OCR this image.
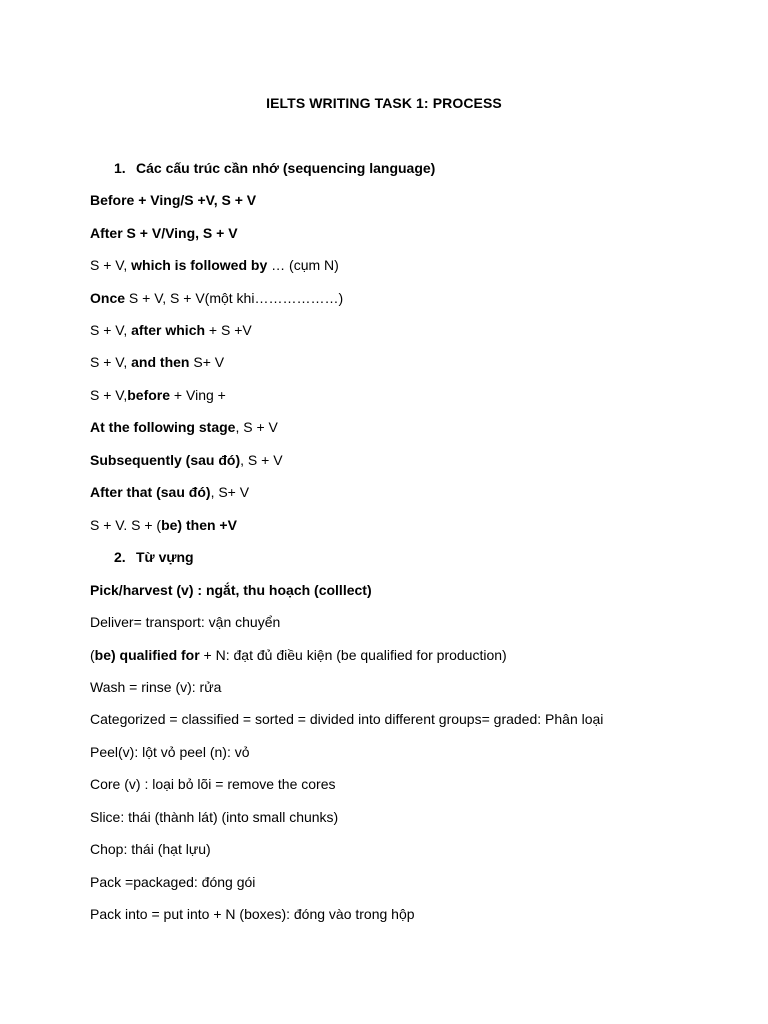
IELTS WRITING TASK 1: PROCESS
1. Các cấu trúc cần nhớ (sequencing language)
Before + Ving/S +V, S + V
After S + V/Ving, S + V
S + V, which is followed by … (cụm N)
Once S + V, S + V(một khi………………)
S + V, after which + S +V
S + V, and then S+ V
S + V,before + Ving +
At the following stage, S + V
Subsequently (sau đó), S + V
After that (sau đó), S+ V
S + V. S + (be) then +V
2. Từ vựng
Pick/harvest (v) : ngắt, thu hoạch (colllect)
Deliver= transport: vận chuyển
(be) qualified for + N: đạt đủ điều kiện (be qualified for production)
Wash = rinse (v): rửa
Categorized = classified = sorted = divided into different groups= graded: Phân loại
Peel(v): lột vỏ peel (n): vỏ
Core (v) : loại bỏ lõi = remove the cores
Slice: thái (thành lát) (into small chunks)
Chop: thái (hạt lựu)
Pack =packaged: đóng gói
Pack into = put into + N (boxes): đóng vào trong hộp
